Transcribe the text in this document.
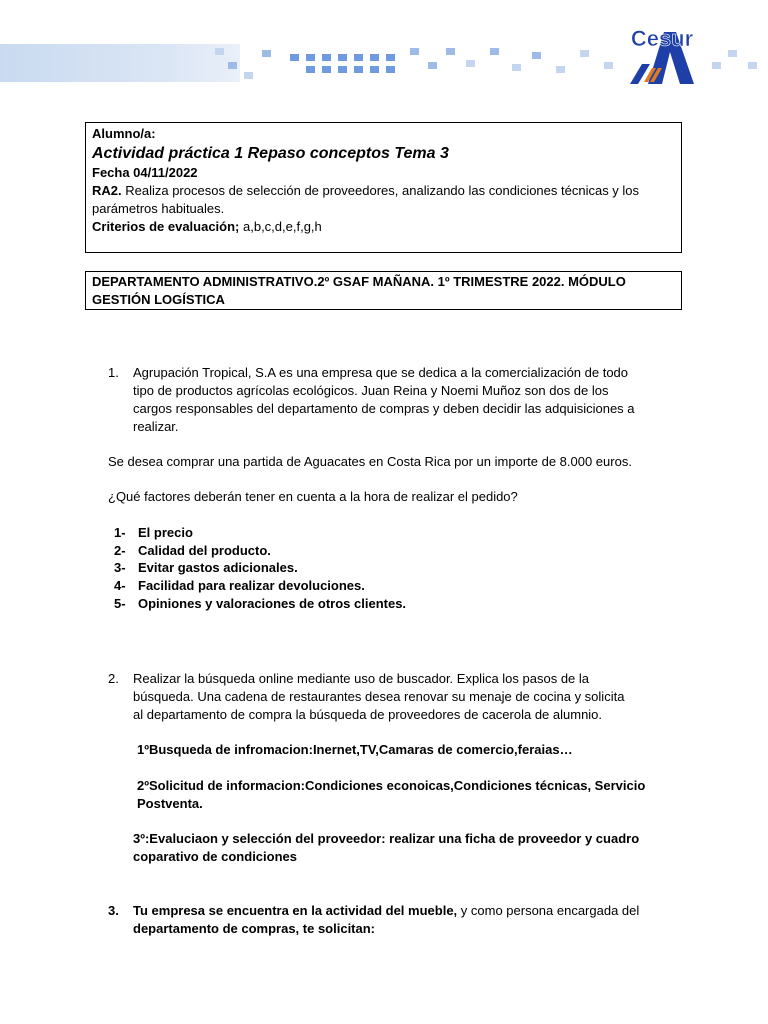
Cesur
Alumno/a:
Actividad práctica 1 Repaso conceptos Tema 3
Fecha 04/11/2022
RA2. Realiza procesos de selección de proveedores, analizando las condiciones técnicas y los
parámetros habituales.
Criterios de evaluación; a,b,c,d,e,f,g,h
DEPARTAMENTO ADMINISTRATIVO.2º GSAF MAÑANA. 1º TRIMESTRE 2022. MÓDULO
GESTIÓN LOGÍSTICA
1. Agrupación Tropical, S.A es una empresa que se dedica a la comercialización de todo
tipo de productos agrícolas ecológicos. Juan Reina y Noemi Muñoz son dos de los
cargos responsables del departamento de compras y deben decidir las adquisiciones a
realizar.
Se desea comprar una partida de Aguacates en Costa Rica por un importe de 8.000 euros.
¿Qué factores deberán tener en cuenta a la hora de realizar el pedido?
1- El precio
2- Calidad del producto.
3- Evitar gastos adicionales.
4- Facilidad para realizar devoluciones.
5- Opiniones y valoraciones de otros clientes.
2. Realizar la búsqueda online mediante uso de buscador. Explica los pasos de la
búsqueda. Una cadena de restaurantes desea renovar su menaje de cocina y solicita
al departamento de compra la búsqueda de proveedores de cacerola de alumnio.
1ºBusqueda de infromacion:Inernet,TV,Camaras de comercio,feraias…
2ºSolicitud de informacion:Condiciones econoicas,Condiciones técnicas, Servicio
Postventa.
3º:Evaluciaon y selección del proveedor: realizar una ficha de proveedor y cuadro
coparativo de condiciones
3. Tu empresa se encuentra en la actividad del mueble, y como persona encargada del
departamento de compras, te solicitan:
